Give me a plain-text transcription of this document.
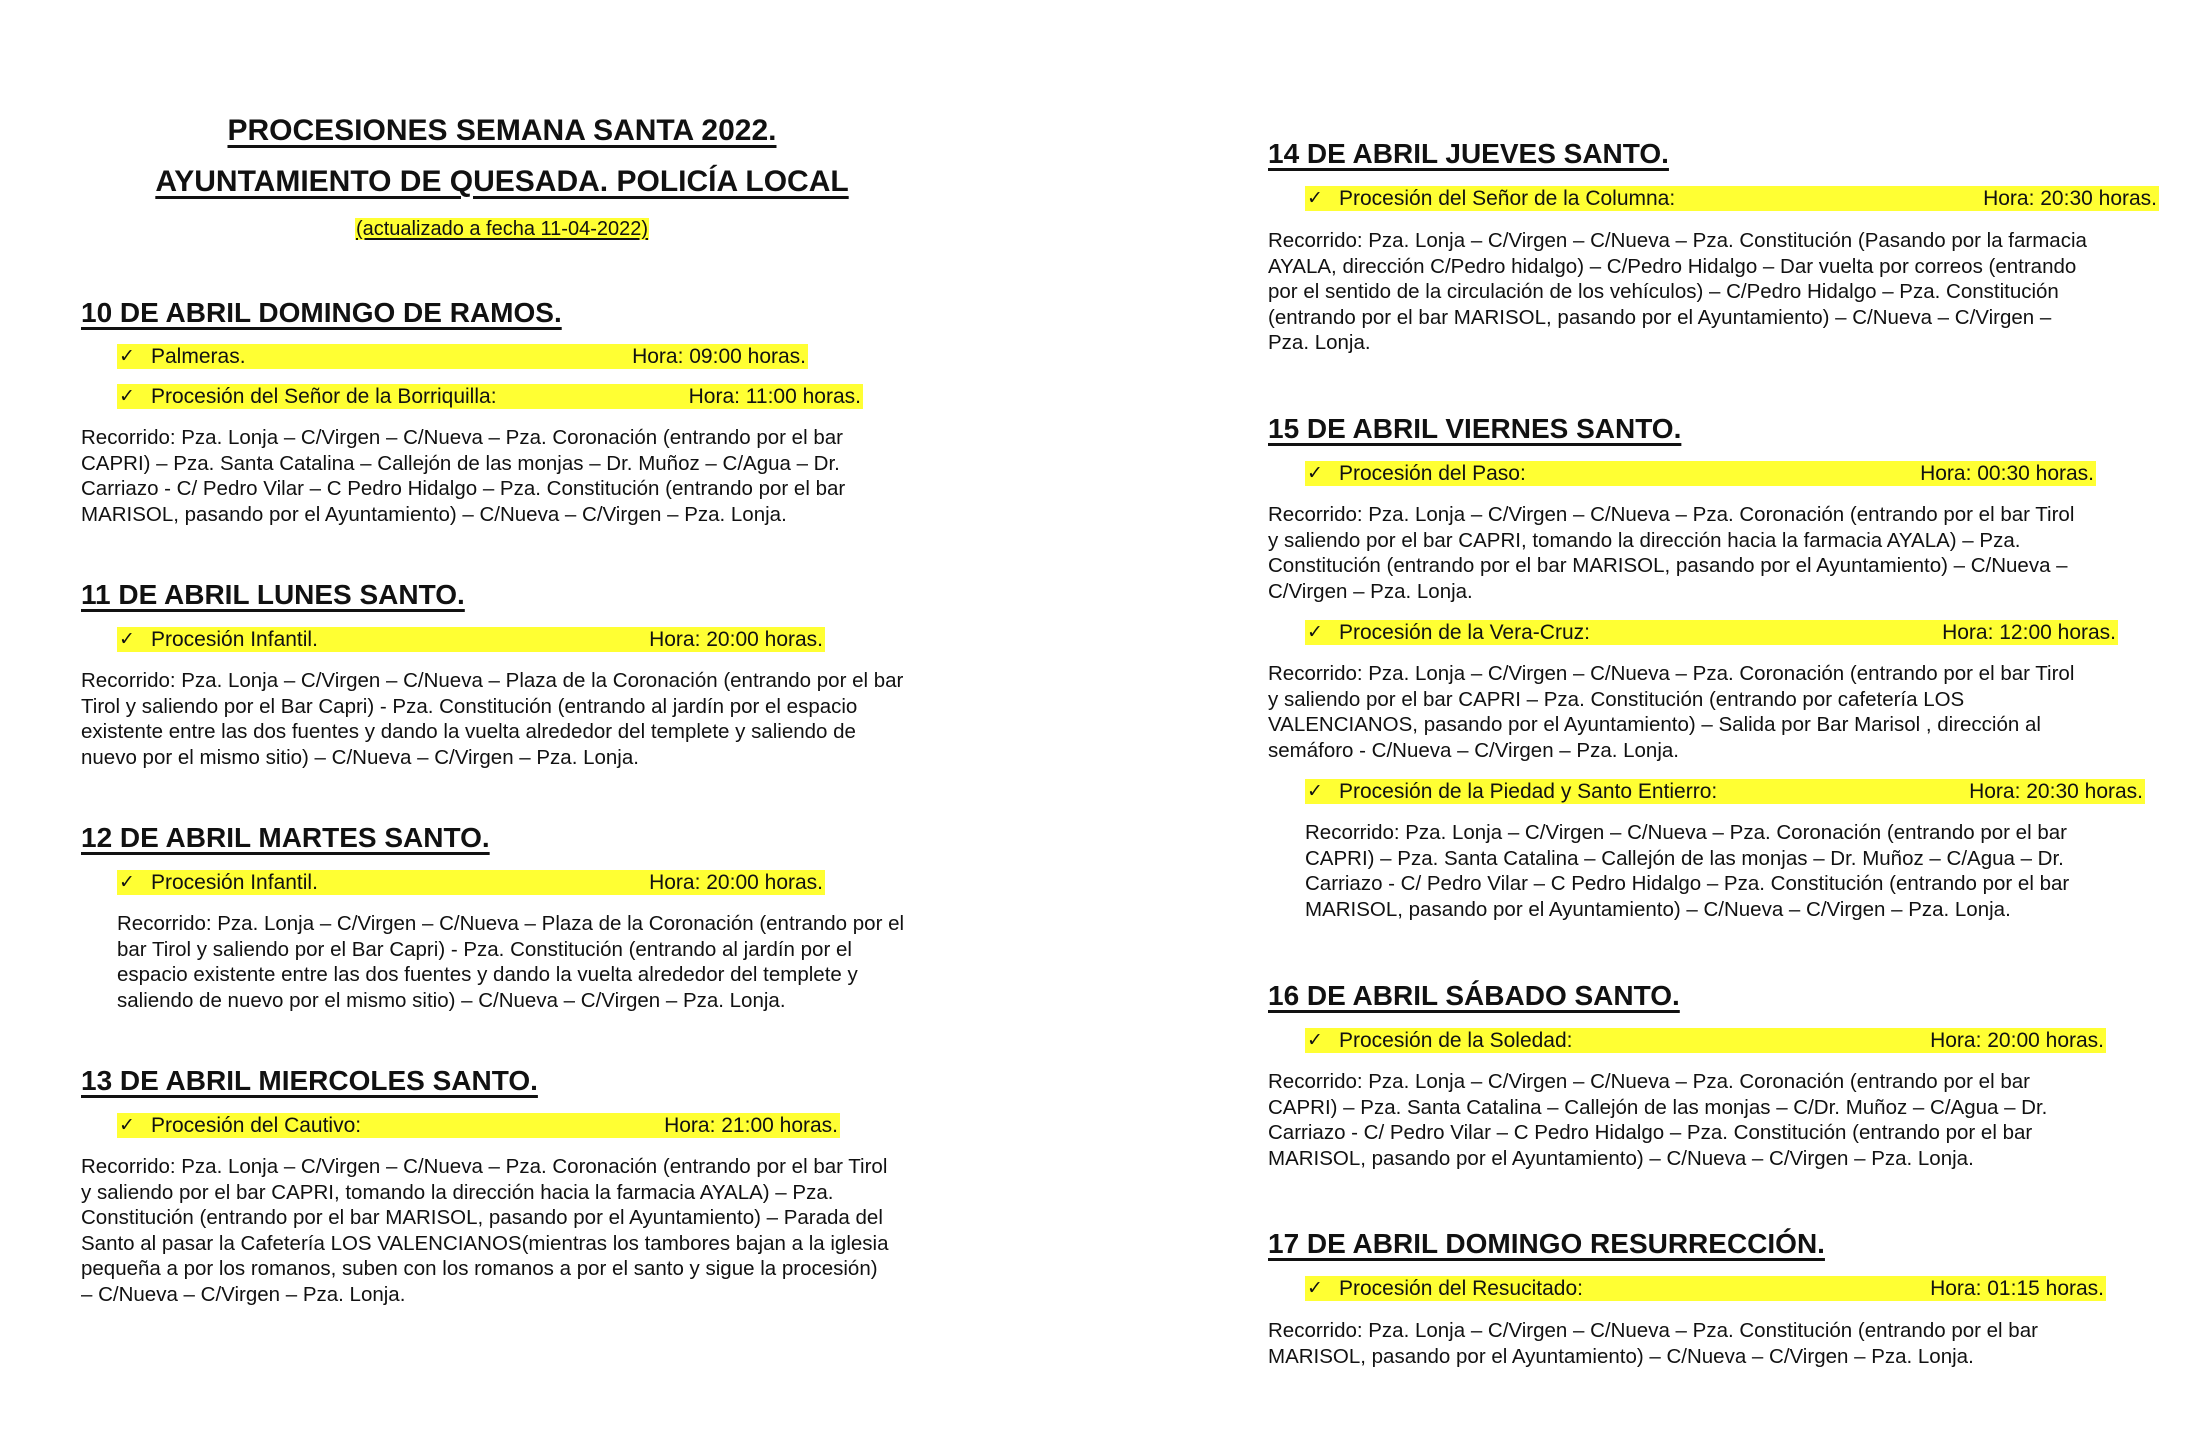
PROCESIONES SEMANA SANTA 2022.
AYUNTAMIENTO DE QUESADA. POLICÍA LOCAL
(actualizado a fecha 11-04-2022)
10 DE ABRIL DOMINGO DE RAMOS.
✓ Palmeras.	Hora: 09:00 horas.
✓ Procesión del Señor de la Borriquilla:	Hora: 11:00 horas.
Recorrido: Pza. Lonja – C/Virgen – C/Nueva – Pza. Coronación (entrando por el bar
CAPRI) – Pza. Santa Catalina – Callejón de las monjas – Dr. Muñoz – C/Agua – Dr.
Carriazo - C/ Pedro Vilar – C Pedro Hidalgo – Pza. Constitución (entrando por el bar
MARISOL, pasando por el Ayuntamiento) – C/Nueva – C/Virgen – Pza. Lonja.
11 DE ABRIL LUNES SANTO.
✓ Procesión Infantil.	Hora: 20:00 horas.
Recorrido: Pza. Lonja – C/Virgen – C/Nueva – Plaza de la Coronación (entrando por el bar
Tirol y saliendo por el Bar Capri) - Pza. Constitución (entrando al jardín por el espacio
existente entre las dos fuentes y dando la vuelta alrededor del templete y saliendo de
nuevo por el mismo sitio) – C/Nueva – C/Virgen – Pza. Lonja.
12 DE ABRIL MARTES SANTO.
✓ Procesión Infantil.	Hora: 20:00 horas.
Recorrido: Pza. Lonja – C/Virgen – C/Nueva – Plaza de la Coronación (entrando por el
bar Tirol y saliendo por el Bar Capri) - Pza. Constitución (entrando al jardín por el
espacio existente entre las dos fuentes y dando la vuelta alrededor del templete y
saliendo de nuevo por el mismo sitio) – C/Nueva – C/Virgen – Pza. Lonja.
13 DE ABRIL MIERCOLES SANTO.
✓ Procesión del Cautivo:	Hora: 21:00 horas.
Recorrido: Pza. Lonja – C/Virgen – C/Nueva – Pza. Coronación (entrando por el bar Tirol
y saliendo por el bar CAPRI, tomando la dirección hacia la farmacia AYALA) – Pza.
Constitución (entrando por el bar MARISOL, pasando por el Ayuntamiento) – Parada del
Santo al pasar la Cafetería LOS VALENCIANOS(mientras los tambores bajan a la iglesia
pequeña a por los romanos, suben con los romanos a por el santo y sigue la procesión)
– C/Nueva – C/Virgen – Pza. Lonja.
14 DE ABRIL JUEVES SANTO.
✓ Procesión del Señor de la Columna:	Hora: 20:30 horas.
Recorrido: Pza. Lonja – C/Virgen – C/Nueva – Pza. Constitución (Pasando por la farmacia
AYALA, dirección C/Pedro hidalgo) – C/Pedro Hidalgo – Dar vuelta por correos (entrando
por el sentido de la circulación de los vehículos) – C/Pedro Hidalgo – Pza. Constitución
(entrando por el bar MARISOL, pasando por el Ayuntamiento) – C/Nueva – C/Virgen –
Pza. Lonja.
15 DE ABRIL VIERNES SANTO.
✓ Procesión del Paso:	Hora: 00:30 horas.
Recorrido: Pza. Lonja – C/Virgen – C/Nueva – Pza. Coronación (entrando por el bar Tirol
y saliendo por el bar CAPRI, tomando la dirección hacia la farmacia AYALA) – Pza.
Constitución (entrando por el bar MARISOL, pasando por el Ayuntamiento) – C/Nueva –
C/Virgen – Pza. Lonja.
✓ Procesión de la Vera-Cruz:	Hora: 12:00 horas.
Recorrido: Pza. Lonja – C/Virgen – C/Nueva – Pza. Coronación (entrando por el bar Tirol
y saliendo por el bar CAPRI – Pza. Constitución (entrando por cafetería LOS
VALENCIANOS, pasando por el Ayuntamiento) – Salida por Bar Marisol , dirección al
semáforo - C/Nueva – C/Virgen – Pza. Lonja.
✓ Procesión de la Piedad y Santo Entierro:	Hora: 20:30 horas.
Recorrido: Pza. Lonja – C/Virgen – C/Nueva – Pza. Coronación (entrando por el bar
CAPRI) – Pza. Santa Catalina – Callejón de las monjas – Dr. Muñoz – C/Agua – Dr.
Carriazo - C/ Pedro Vilar – C Pedro Hidalgo – Pza. Constitución (entrando por el bar
MARISOL, pasando por el Ayuntamiento) – C/Nueva – C/Virgen – Pza. Lonja.
16 DE ABRIL SÁBADO SANTO.
✓ Procesión de la Soledad:	Hora: 20:00 horas.
Recorrido: Pza. Lonja – C/Virgen – C/Nueva – Pza. Coronación (entrando por el bar
CAPRI) – Pza. Santa Catalina – Callejón de las monjas – C/Dr. Muñoz – C/Agua – Dr.
Carriazo - C/ Pedro Vilar – C Pedro Hidalgo – Pza. Constitución (entrando por el bar
MARISOL, pasando por el Ayuntamiento) – C/Nueva – C/Virgen – Pza. Lonja.
17 DE ABRIL DOMINGO RESURRECCIÓN.
✓ Procesión del Resucitado:	Hora: 01:15 horas.
Recorrido: Pza. Lonja – C/Virgen – C/Nueva – Pza. Constitución (entrando por el bar
MARISOL, pasando por el Ayuntamiento) – C/Nueva – C/Virgen – Pza. Lonja.
